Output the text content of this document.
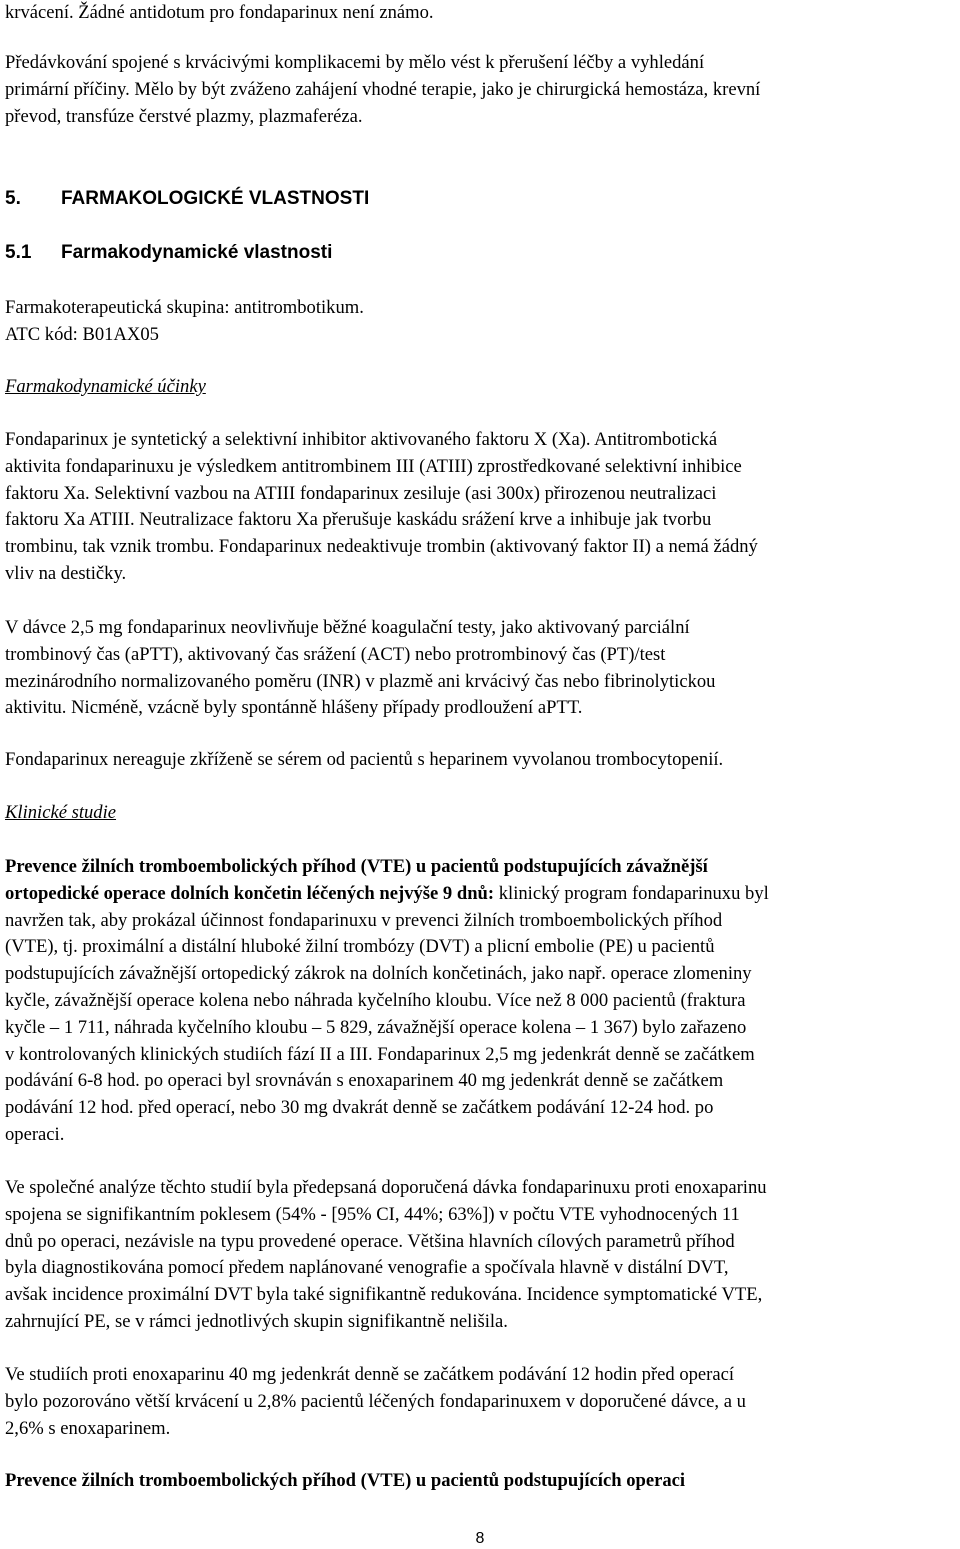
krvácení. Žádné antidotum pro fondaparinux není známo.

Předávkování spojené s krvácivými komplikacemi by mělo vést k přerušení léčby a vyhledání
primární příčiny. Mělo by být zváženo zahájení vhodné terapie, jako je chirurgická hemostáza, krevní
převod, transfúze čerstvé plazmy, plazmaferéza.

5. FARMAKOLOGICKÉ VLASTNOSTI

5.1 Farmakodynamické vlastnosti

Farmakoterapeutická skupina: antitrombotikum.
ATC kód: B01AX05

Farmakodynamické účinky

Fondaparinux je syntetický a selektivní inhibitor aktivovaného faktoru X (Xa). Antitrombotická
aktivita fondaparinuxu je výsledkem antitrombinem III (ATIII) zprostředkované selektivní inhibice
faktoru Xa. Selektivní vazbou na ATIII fondaparinux zesiluje (asi 300x) přirozenou neutralizaci
faktoru Xa ATIII. Neutralizace faktoru Xa přerušuje kaskádu srážení krve a inhibuje jak tvorbu
trombinu, tak vznik trombu. Fondaparinux nedeaktivuje trombin (aktivovaný faktor II) a nemá žádný
vliv na destičky.

V dávce 2,5 mg fondaparinux neovlivňuje běžné koagulační testy, jako aktivovaný parciální
trombinový čas (aPTT), aktivovaný čas srážení (ACT) nebo protrombinový čas (PT)/test
mezinárodního normalizovaného poměru (INR) v plazmě ani krvácivý čas nebo fibrinolytickou
aktivitu. Nicméně, vzácně byly spontánně hlášeny případy prodloužení aPTT.

Fondaparinux nereaguje zkříženě se sérem od pacientů s heparinem vyvolanou trombocytopenií.

Klinické studie

Prevence žilních tromboembolických příhod (VTE) u pacientů podstupujících závažnější
ortopedické operace dolních končetin léčených nejvýše 9 dnů: klinický program fondaparinuxu byl
navržen tak, aby prokázal účinnost fondaparinuxu v prevenci žilních tromboembolických příhod
(VTE), tj. proximální a distální hluboké žilní trombózy (DVT) a plicní embolie (PE) u pacientů
podstupujících závažnější ortopedický zákrok na dolních končetinách, jako např. operace zlomeniny
kyčle, závažnější operace kolena nebo náhrada kyčelního kloubu. Více než 8 000 pacientů (fraktura
kyčle – 1 711, náhrada kyčelního kloubu – 5 829, závažnější operace kolena – 1 367) bylo zařazeno
v kontrolovaných klinických studiích fází II a III. Fondaparinux 2,5 mg jedenkrát denně se začátkem
podávání 6-8 hod. po operaci byl srovnáván s enoxaparinem 40 mg jedenkrát denně se začátkem
podávání 12 hod. před operací, nebo 30 mg dvakrát denně se začátkem podávání 12-24 hod. po
operaci.

Ve společné analýze těchto studií byla předepsaná doporučená dávka fondaparinuxu proti enoxaparinu
spojena se signifikantním poklesem (54% - [95% CI, 44%; 63%]) v počtu VTE vyhodnocených 11
dnů po operaci, nezávisle na typu provedené operace. Většina hlavních cílových parametrů příhod
byla diagnostikována pomocí předem naplánované venografie a spočívala hlavně v distální DVT,
avšak incidence proximální DVT byla také signifikantně redukována. Incidence symptomatické VTE,
zahrnující PE, se v rámci jednotlivých skupin signifikantně nelišila.

Ve studiích proti enoxaparinu 40 mg jedenkrát denně se začátkem podávání 12 hodin před operací
bylo pozorováno větší krvácení u 2,8% pacientů léčených fondaparinuxem v doporučené dávce, a u
2,6% s enoxaparinem.

Prevence žilních tromboembolických příhod (VTE) u pacientů podstupujících operaci

8
